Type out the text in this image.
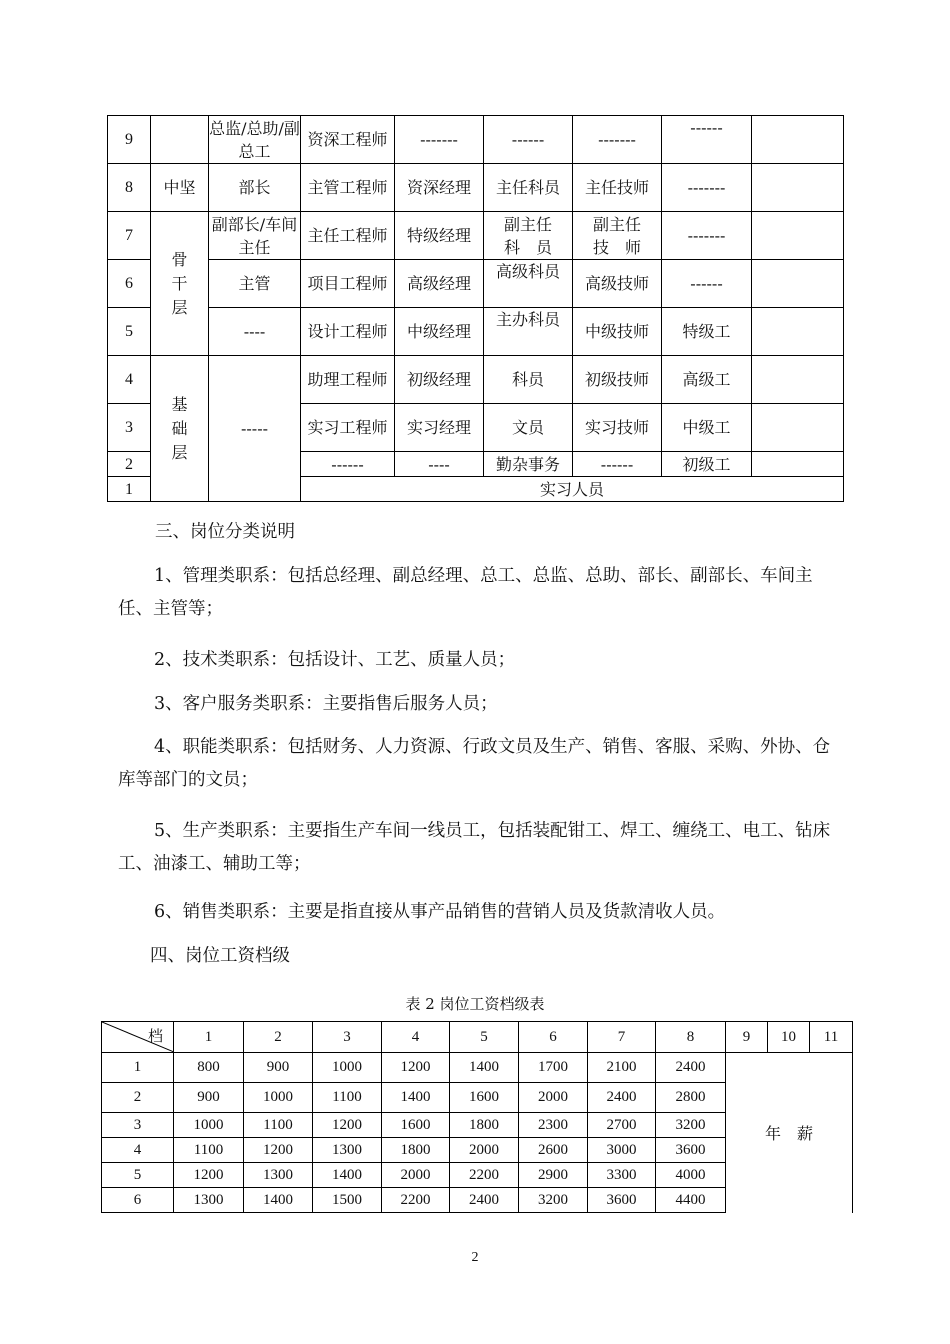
9		总监/总助/副总工	资深工程师	-------	------	-------	------	
8	中坚	部长	主管工程师	资深经理	主任科员	主任技师	-------	
7	骨干层	副部长/车间主任	主任工程师	特级经理	副主任科　员	副主任技　师	-------	
6		主管	项目工程师	高级经理	高级科员	高级技师	------	
5		----	设计工程师	中级经理	主办科员	中级技师	特级工	
4	基础层	-----	助理工程师	初级经理	科员	初级技师	高级工	
3			实习工程师	实习经理	文员	实习技师	中级工	
2			------	----	勤杂事务	------	初级工	
1			实习人员					

三、岗位分类说明

1、管理类职系：包括总经理、副总经理、总工、总监、总助、部长、副部长、车间主任、主管等；

2、技术类职系：包括设计、工艺、质量人员；

3、客户服务类职系：主要指售后服务人员；

4、职能类职系：包括财务、人力资源、行政文员及生产、销售、客服、采购、外协、仓库等部门的文员；

5、生产类职系：主要指生产车间一线员工，包括装配钳工、焊工、缠绕工、电工、钻床工、油漆工、辅助工等；

6、销售类职系：主要是指直接从事产品销售的营销人员及货款清收人员。

四、岗位工资档级

表 2 岗位工资档级表
档	1	2	3	4	5	6	7	8	9	10	11
1	800	900	1000	1200	1400	1700	2100	2400	年　薪		
2	900	1000	1100	1400	1600	2000	2400	2800			
3	1000	1100	1200	1600	1800	2300	2700	3200			
4	1100	1200	1300	1800	2000	2600	3000	3600			
5	1200	1300	1400	2000	2200	2900	3300	4000			
6	1300	1400	1500	2200	2400	3200	3600	4400			
2
